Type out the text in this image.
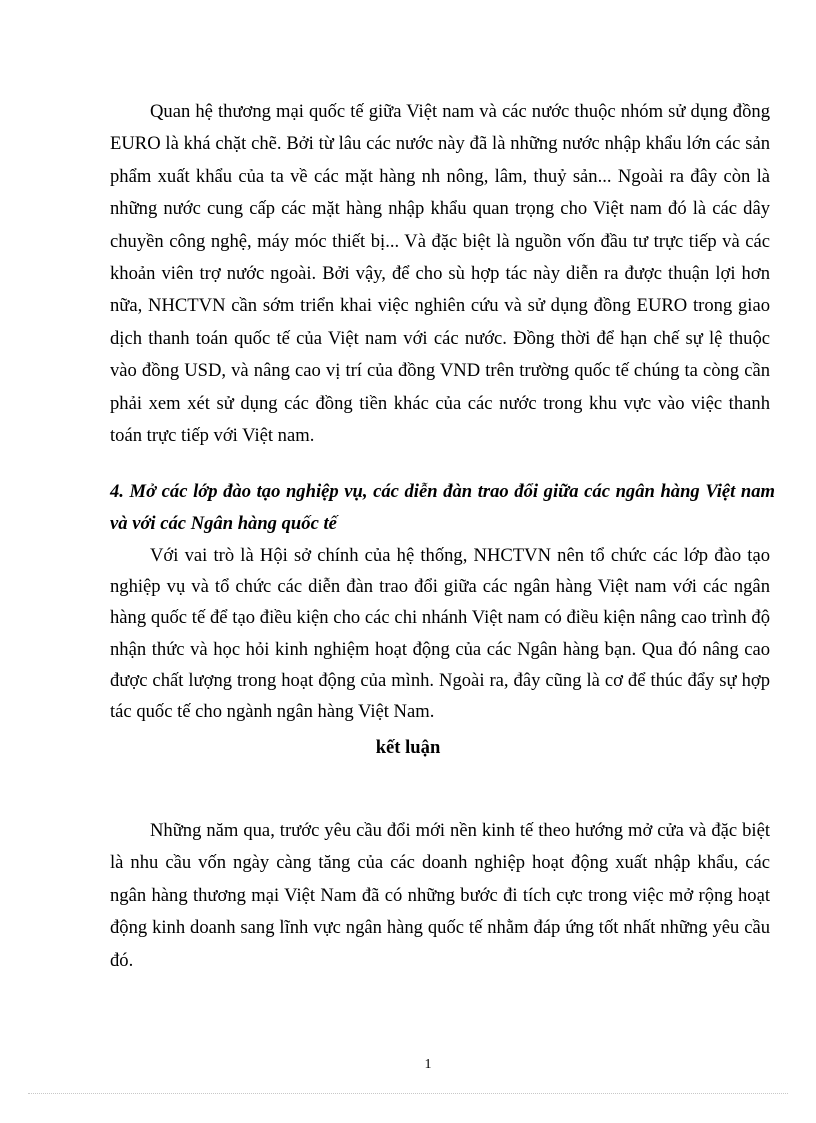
Quan hệ thương mại quốc tế giữa Việt nam và các nước thuộc nhóm sử dụng đồng EURO là khá chặt chẽ. Bởi từ lâu các nước này đã là những nước nhập khẩu lớn các sản phẩm xuất khẩu của ta về các mặt hàng nh nông, lâm, thuỷ sản... Ngoài ra đây còn là những nước cung cấp các mặt hàng nhập khẩu quan trọng cho Việt nam đó là các dây chuyền công nghệ, máy móc thiết bị... Và đặc biệt là nguồn vốn đầu tư trực tiếp và các khoản viên trợ nước ngoài. Bởi vậy, để cho sù hợp tác này diễn ra được thuận lợi hơn nữa, NHCTVN cần sớm triển khai việc nghiên cứu và sử dụng đồng EURO trong giao dịch thanh toán quốc tế của Việt nam với các nước. Đồng thời để hạn chế sự lệ thuộc vào đồng USD, và nâng cao vị trí của đồng VND trên trường quốc tế chúng ta còng cần phải xem xét sử dụng các đồng tiền khác của các nước trong khu vực vào việc thanh toán trực tiếp với Việt nam.

4. Mở các lớp đào tạo nghiệp vụ, các diễn đàn trao đổi giữa các ngân hàng Việt nam và với các Ngân hàng quốc tế

Với vai trò là Hội sở chính của hệ thống, NHCTVN nên tổ chức các lớp đào tạo nghiệp vụ và tổ chức các diễn đàn trao đổi giữa các ngân hàng Việt nam với các ngân hàng quốc tế để tạo điều kiện cho các chi nhánh Việt nam có điều kiện nâng cao trình độ nhận thức và học hỏi kinh nghiệm hoạt động của các Ngân hàng bạn. Qua đó nâng cao được chất lượng trong hoạt động của mình. Ngoài ra, đây cũng là cơ để thúc đẩy sự hợp tác quốc tế cho ngành ngân hàng Việt Nam.

kết luận

Những năm qua, trước yêu cầu đổi mới nền kinh tế theo hướng mở cửa và đặc biệt là nhu cầu vốn ngày càng tăng của các doanh nghiệp hoạt động xuất nhập khẩu, các ngân hàng thương mại Việt Nam đã có những bước đi tích cực trong việc mở rộng hoạt động kinh doanh sang lĩnh vực ngân hàng quốc tế nhằm đáp ứng tốt nhất những yêu cầu đó.

1
